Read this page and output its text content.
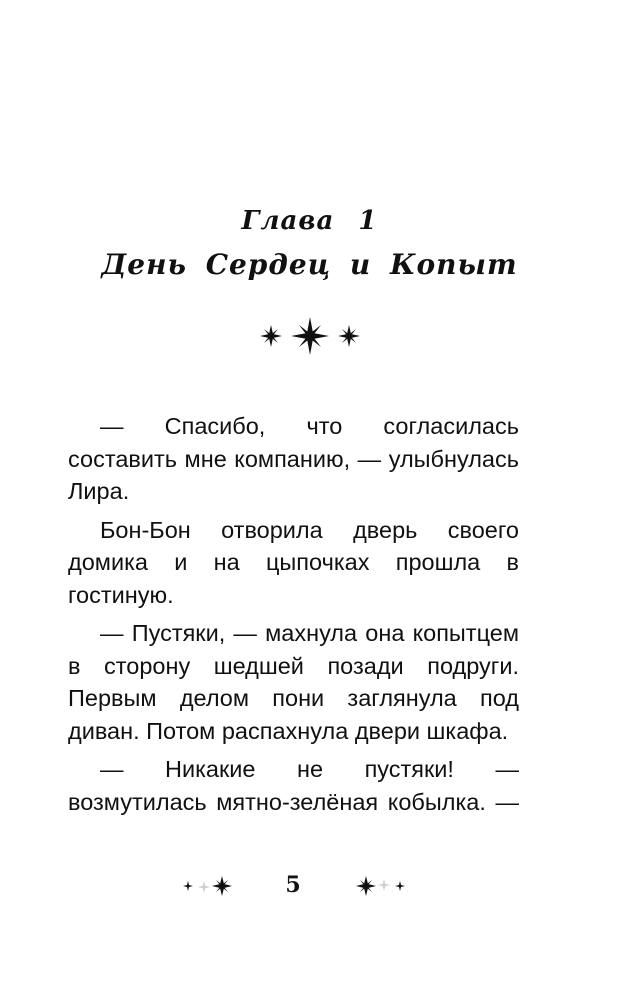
Глава 1
День Сердец и Копыт

— Спасибо, что согласилась составить мне компанию, — улыбнулась Лира.

Бон-Бон отворила дверь своего домика и на цыпочках прошла в гостиную.

— Пустяки, — махнула она копытцем в сторону шедшей позади подруги. Первым делом пони заглянула под диван. Потом распахнула двери шкафа.

— Никакие не пустяки! — возмутилась мятно-зелёная кобылка. —

5
